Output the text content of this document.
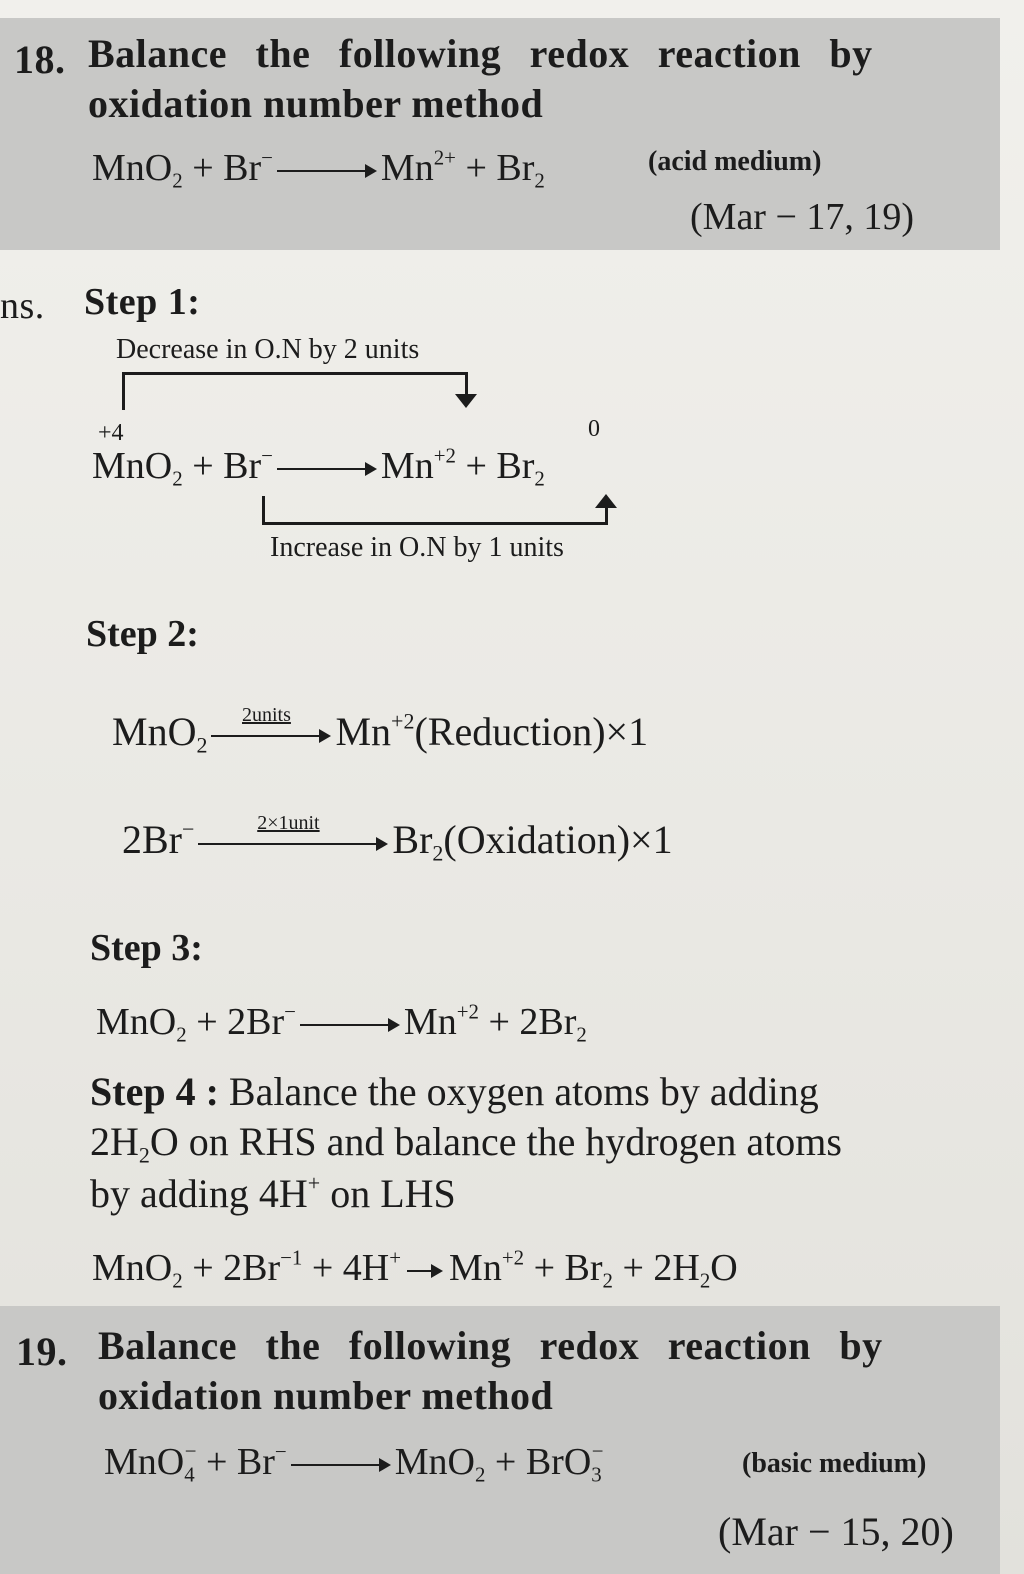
18. Balance the following redox reaction by
oxidation number method
MnO$_2$ + Br−	$Mn^{2+} + Br_2$
(acid medium)
(Mar − 17, 19)
ns. Step 1:
Decrease in O.N by 2 units
+4	0
MnO$_2$ + Br−	$Mn^{+2} + Br_2$
Increase in O.N by 1 units
Step 2:
MnO$_2$
2units	$Mn^{+2}(Reduction)\times 1$
2Br−	2×1unit	$Br_2(Oxidation)\times 1$
Step 3:
MnO$_2$ + 2Br−	$Mn^{+2} + 2Br_2$
Step 4 : Balance the oxygen atoms by adding
$2H_2O$ on RHS and balance the hydrogen atoms
by adding 4H+ on LHS
$MnO_2 + 2Br^{-1} + 4H^+$ $Mn^{+2} + Br_2 + 2H_2O$
19. Balance the following redox reaction by
oxidation number method
MnO$_4$− + Br−	MnO$_2$ + BrO$_3$−	(basic medium)
(Mar − 15, 20)
